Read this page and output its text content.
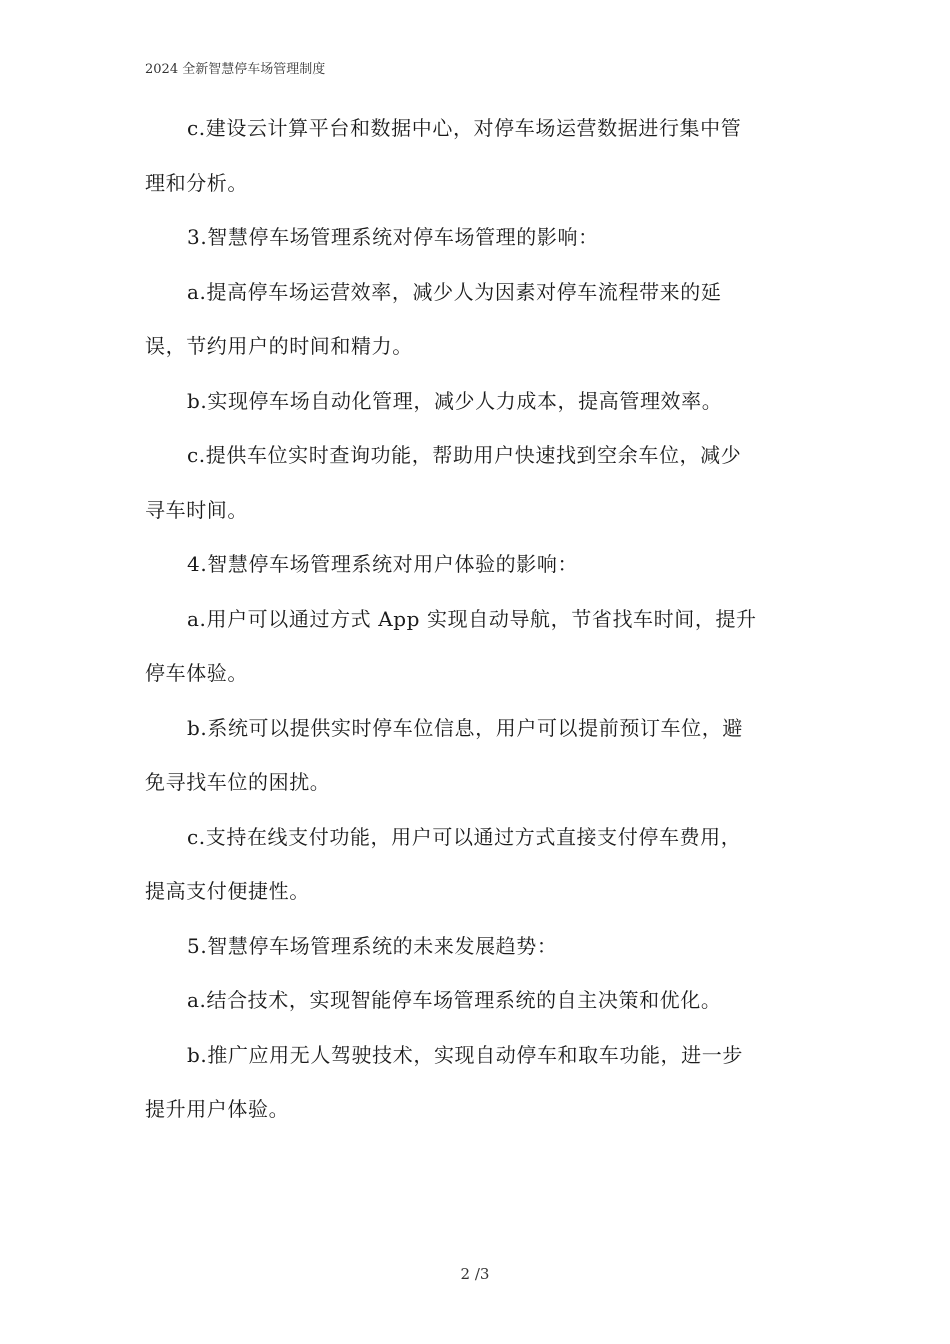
2024 全新智慧停车场管理制度
c.建设云计算平台和数据中心，对停车场运营数据进行集中管
理和分析。
3.智慧停车场管理系统对停车场管理的影响：
a.提高停车场运营效率，减少人为因素对停车流程带来的延
误，节约用户的时间和精力。
b.实现停车场自动化管理，减少人力成本，提高管理效率。
c.提供车位实时查询功能，帮助用户快速找到空余车位，减少
寻车时间。
4.智慧停车场管理系统对用户体验的影响：
a.用户可以通过方式 App 实现自动导航，节省找车时间，提升
停车体验。
b.系统可以提供实时停车位信息，用户可以提前预订车位，避
免寻找车位的困扰。
c.支持在线支付功能，用户可以通过方式直接支付停车费用，
提高支付便捷性。
5.智慧停车场管理系统的未来发展趋势：
a.结合技术，实现智能停车场管理系统的自主决策和优化。
b.推广应用无人驾驶技术，实现自动停车和取车功能，进一步
提升用户体验。
2 /3
